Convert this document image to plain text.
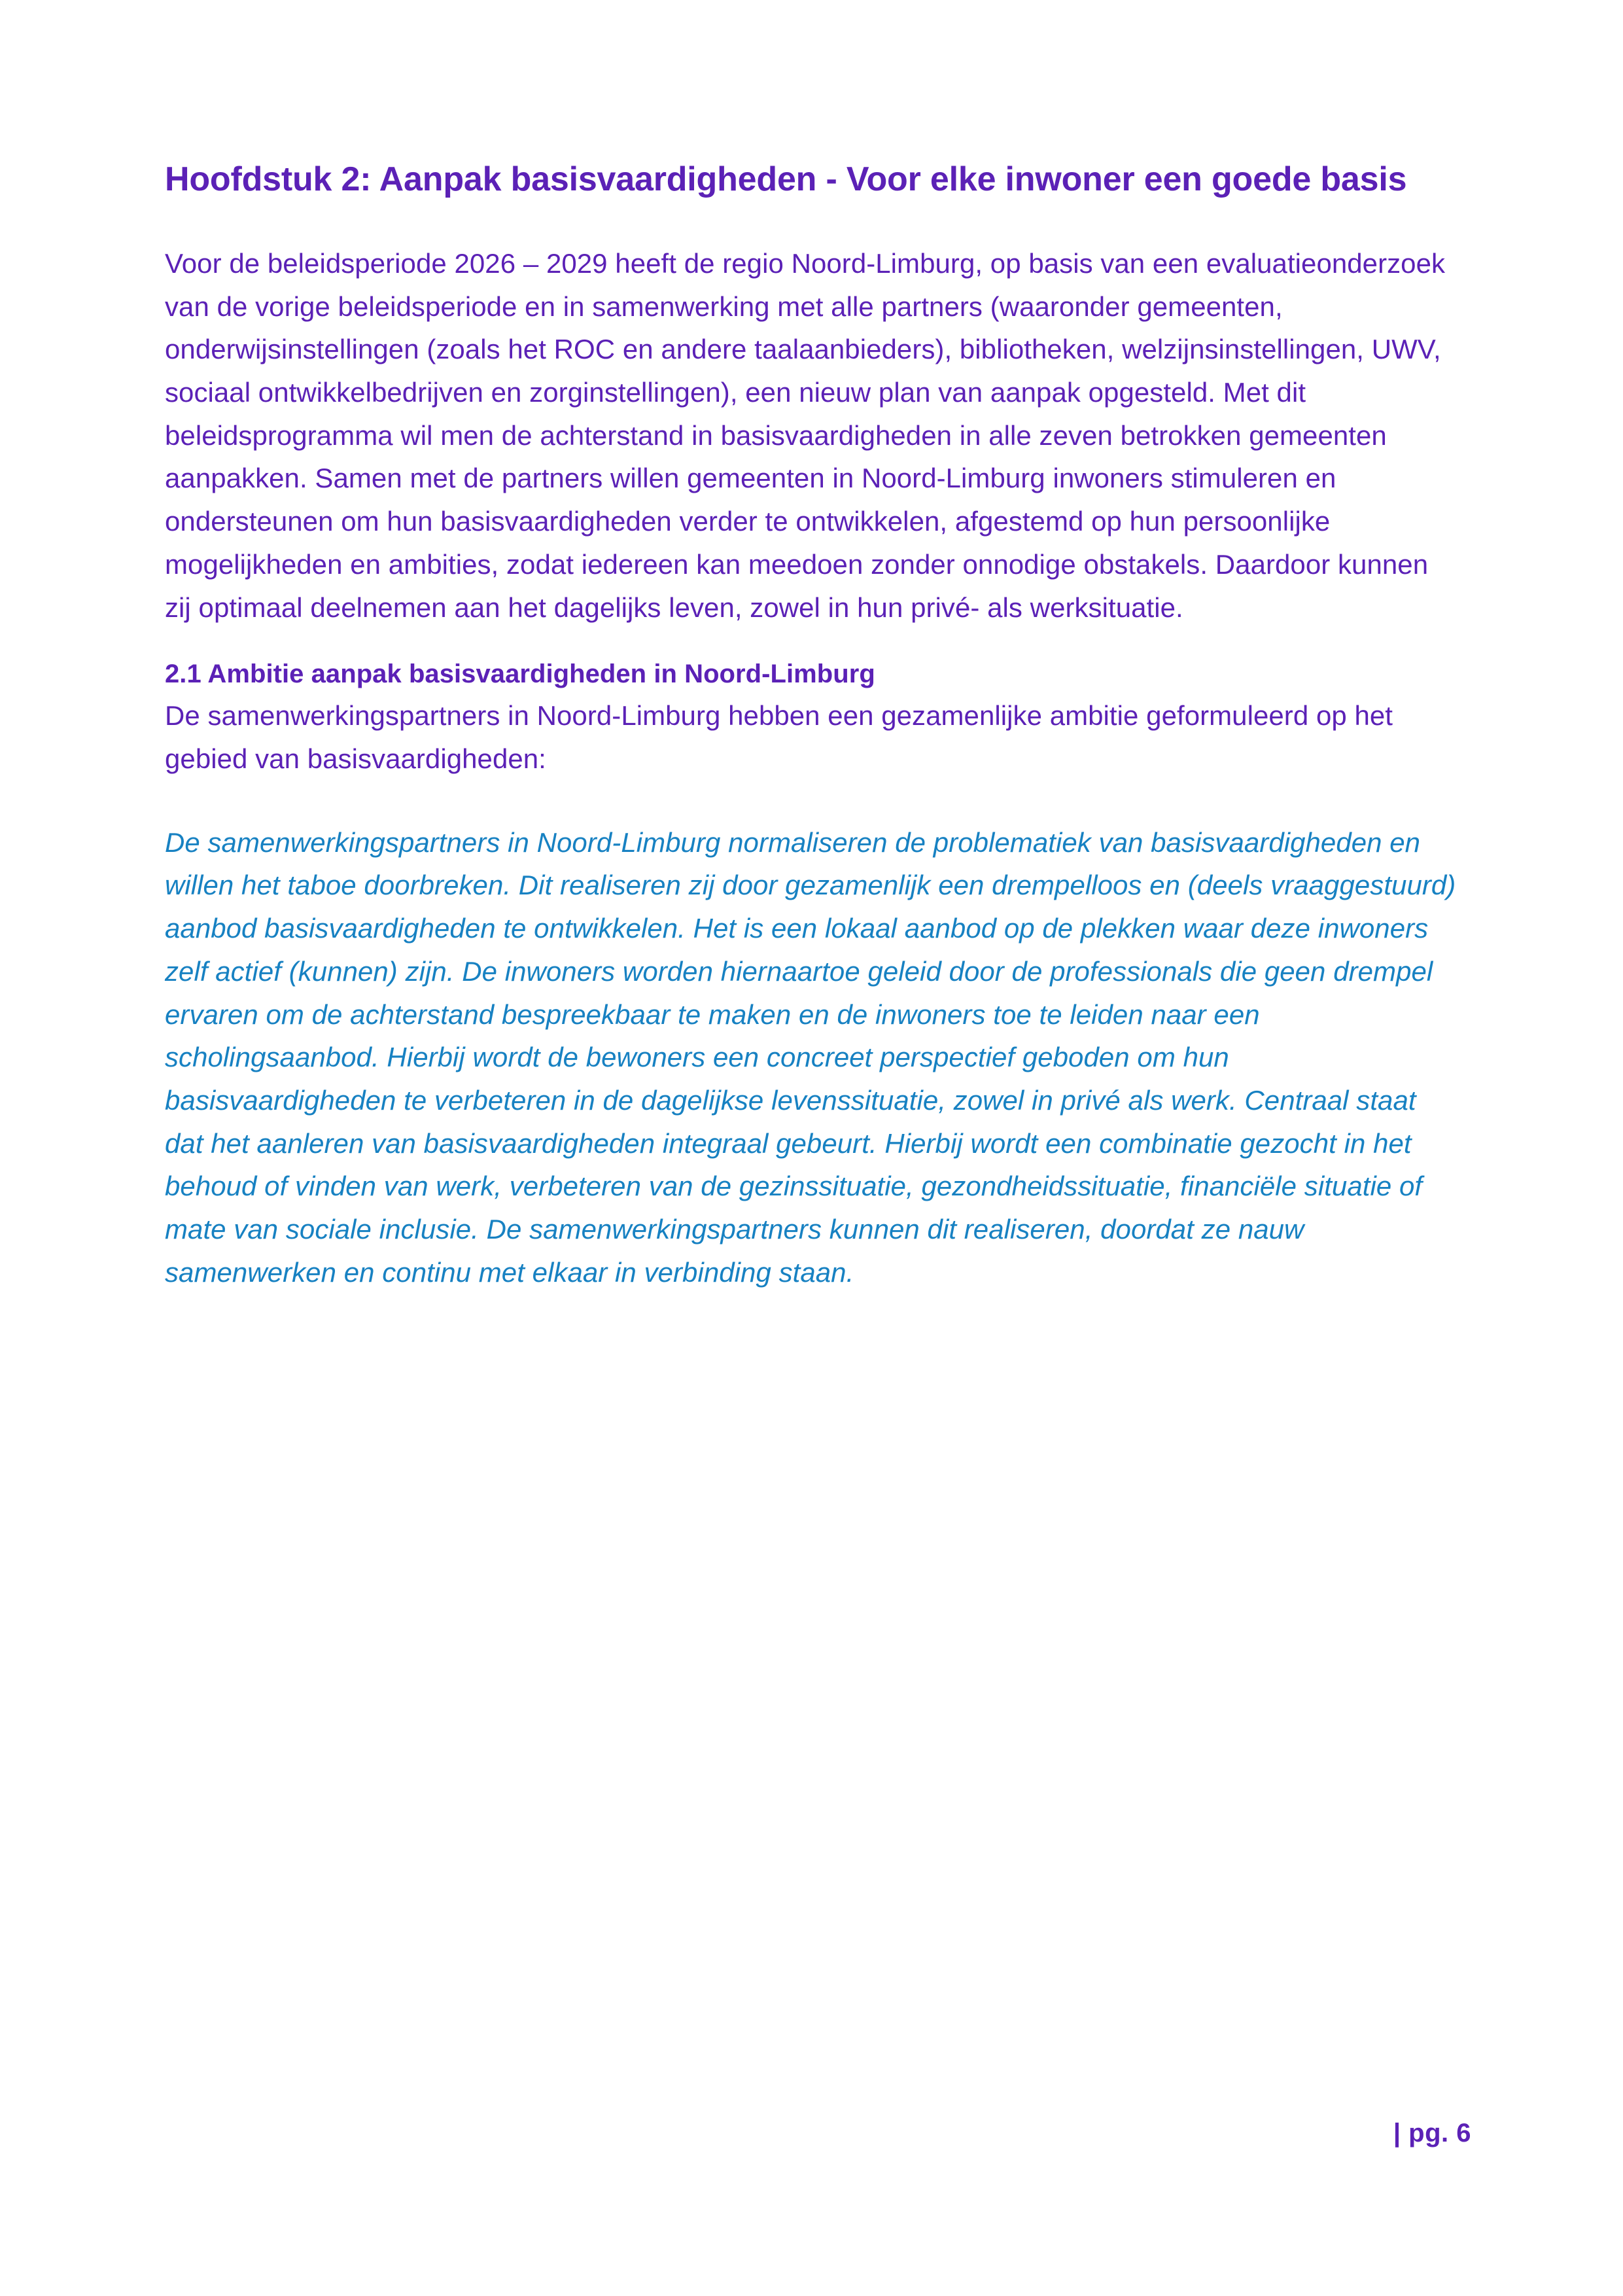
Hoofdstuk 2: Aanpak basisvaardigheden - Voor elke inwoner een goede basis

Voor de beleidsperiode 2026 – 2029 heeft de regio Noord-Limburg, op basis van een evaluatieonderzoek van de vorige beleidsperiode en in samenwerking met alle partners (waaronder gemeenten, onderwijsinstellingen (zoals het ROC en andere taalaanbieders), bibliotheken, welzijnsinstellingen, UWV, sociaal ontwikkelbedrijven en zorginstellingen), een nieuw plan van aanpak opgesteld. Met dit beleidsprogramma wil men de achterstand in basisvaardigheden in alle zeven betrokken gemeenten aanpakken. Samen met de partners willen gemeenten in Noord-Limburg inwoners stimuleren en ondersteunen om hun basisvaardigheden verder te ontwikkelen, afgestemd op hun persoonlijke mogelijkheden en ambities, zodat iedereen kan meedoen zonder onnodige obstakels. Daardoor kunnen zij optimaal deelnemen aan het dagelijks leven, zowel in hun privé- als werksituatie.

2.1 Ambitie aanpak basisvaardigheden in Noord-Limburg

De samenwerkingspartners in Noord-Limburg hebben een gezamenlijke ambitie geformuleerd op het gebied van basisvaardigheden:

De samenwerkingspartners in Noord-Limburg normaliseren de problematiek van basisvaardigheden en willen het taboe doorbreken. Dit realiseren zij door gezamenlijk een drempelloos en (deels vraaggestuurd) aanbod basisvaardigheden te ontwikkelen. Het is een lokaal aanbod op de plekken waar deze inwoners zelf actief (kunnen) zijn. De inwoners worden hiernaartoe geleid door de professionals die geen drempel ervaren om de achterstand bespreekbaar te maken en de inwoners toe te leiden naar een scholingsaanbod. Hierbij wordt de bewoners een concreet perspectief geboden om hun basisvaardigheden te verbeteren in de dagelijkse levenssituatie, zowel in privé als werk. Centraal staat dat het aanleren van basisvaardigheden integraal gebeurt. Hierbij wordt een combinatie gezocht in het behoud of vinden van werk, verbeteren van de gezinssituatie, gezondheidssituatie, financiële situatie of mate van sociale inclusie. De samenwerkingspartners kunnen dit realiseren, doordat ze nauw samenwerken en continu met elkaar in verbinding staan.

| pg. 6
